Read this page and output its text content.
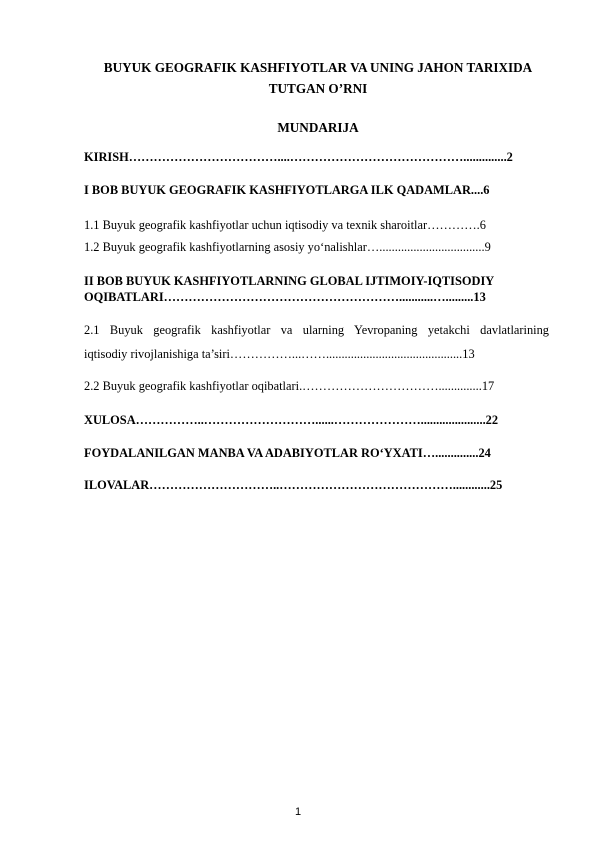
BUYUK GEOGRAFIK KASHFIYOTLAR VA UNING JAHON TARIXIDA
TUTGAN O’RNI
MUNDARIJA
KIRISH………………………………....……………………………………..............2
I BOB BUYUK GEOGRAFIK KASHFIYOTLARGA ILK QADAMLAR....6
1.1 Buyuk geografik kashfiyotlar uchun iqtisodiy va texnik sharoitlar………….6
1.2 Buyuk geografik kashfiyotlarning asosiy yo‘nalishlar…..................................9
II BOB BUYUK KASHFIYOTLARNING GLOBAL IJTIMOIY-IQTISODIY
OQIBATLARI…………………………………………………...........….........13
2.1 Buyuk geografik kashfiyotlar va ularning Yevropaning yetakchi davlatlarining
iqtisodiy rivojlanishiga ta’siri……………...……............................................13
2.2 Buyuk geografik kashfiyotlar oqibatlari.……………………………..............17
XULOSA……………..………………………......………………….....................22
FOYDALANILGAN MANBA VA ADABIYOTLAR RO‘YXATI…..............24
ILOVALAR…………………………..……………………………………............25
1
